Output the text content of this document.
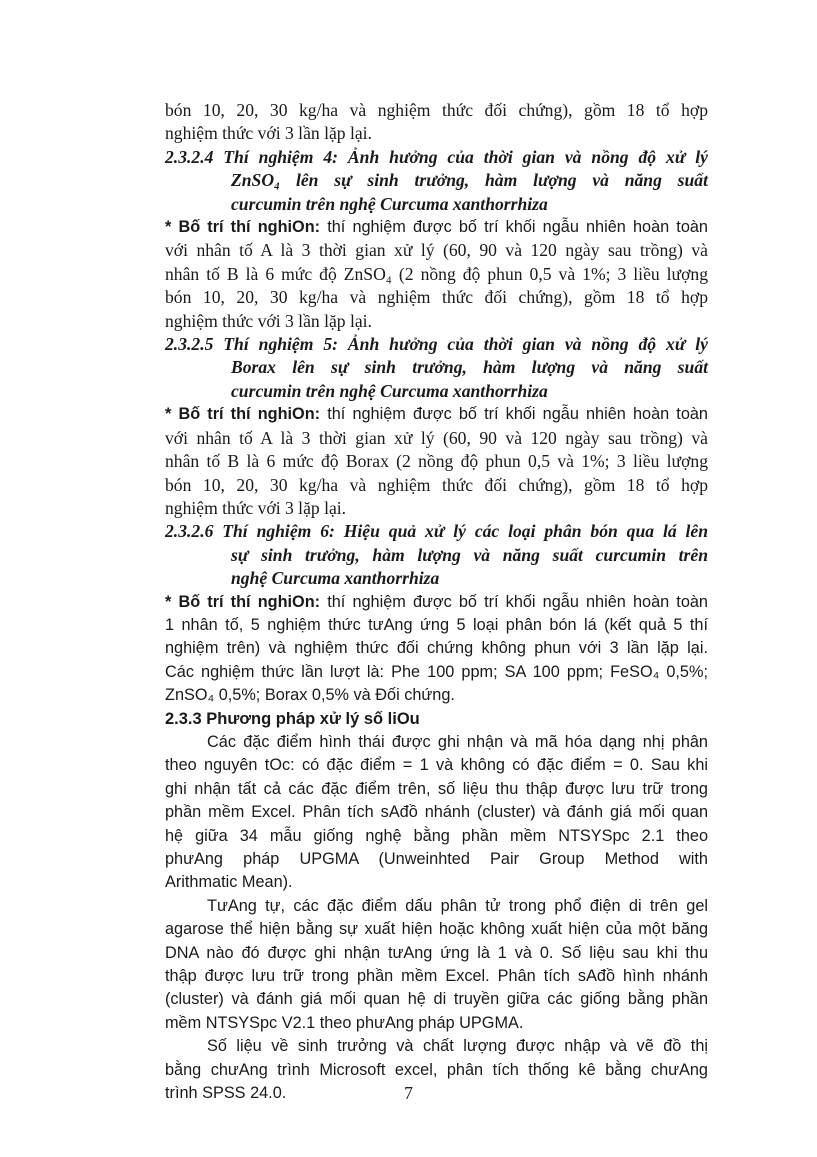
bón 10, 20, 30 kg/ha và nghiệm thức đối chứng), gồm 18 tổ hợp

nghiệm thức với 3 lần lặp lại.

2.3.2.4 Thí nghiệm 4: Ảnh hưởng của thời gian và nồng độ xử lý

ZnSO₄ lên sự sinh trưởng, hàm lượng và năng suất

curcumin trên nghệ Curcuma xanthorrhiza

* Bố trí thí nghiOn: thí nghiệm được bố trí khối ngẫu nhiên hoàn toàn

với nhân tố A là 3 thời gian xử lý (60, 90 và 120 ngày sau trồng) và

nhân tố B là 6 mức độ ZnSO₄ (2 nồng độ phun 0,5 và 1%; 3 liều lượng

bón 10, 20, 30 kg/ha và nghiệm thức đối chứng), gồm 18 tổ hợp

nghiệm thức với 3 lần lặp lại.

2.3.2.5 Thí nghiệm 5: Ảnh hưởng của thời gian và nồng độ xử lý

Borax lên sự sinh trưởng, hàm lượng và năng suất

curcumin trên nghệ Curcuma xanthorrhiza

* Bố trí thí nghiOn: thí nghiệm được bố trí khối ngẫu nhiên hoàn toàn

với nhân tố A là 3 thời gian xử lý (60, 90 và 120 ngày sau trồng) và

nhân tố B là 6 mức độ Borax (2 nồng độ phun 0,5 và 1%; 3 liều lượng

bón 10, 20, 30 kg/ha và nghiệm thức đối chứng), gồm 18 tổ hợp

nghiệm thức với 3 lặp lại.

2.3.2.6 Thí nghiệm 6: Hiệu quả xử lý các loại phân bón qua lá lên

sự sinh trưởng, hàm lượng và năng suất curcumin trên

nghệ Curcuma xanthorrhiza

* Bố trí thí nghiOn: thí nghiệm được bố trí khối ngẫu nhiên hoàn toàn

1 nhân tố, 5 nghiệm thức tưAng ứng 5 loại phân bón lá (kết quả 5 thí

nghiệm trên) và nghiệm thức đối chứng không phun với 3 lần lặp lại.

Các nghiệm thức lần lượt là: Phe 100 ppm; SA 100 ppm; FeSO₄ 0,5%;

ZnSO₄ 0,5%; Borax 0,5% và Đối chứng.

2.3.3 Phương pháp xử lý số liOu

Các đặc điểm hình thái được ghi nhận và mã hóa dạng nhị phân

theo nguyên tOc: có đặc điểm = 1 và không có đặc điểm = 0. Sau khi

ghi nhận tất cả các đặc điểm trên, số liệu thu thập được lưu trữ trong

phần mềm Excel. Phân tích sAđồ nhánh (cluster) và đánh giá mối quan

hệ giữa 34 mẫu giống nghệ bằng phần mềm NTSYSpc 2.1 theo

phưAng pháp UPGMA (Unweinhted Pair Group Method with

Arithmatic Mean).

TưAng tự, các đặc điểm dấu phân tử trong phổ điện di trên gel

agarose thể hiện bằng sự xuất hiện hoặc không xuất hiện của một băng

DNA nào đó được ghi nhận tưAng ứng là 1 và 0. Số liệu sau khi thu

thập được lưu trữ trong phần mềm Excel. Phân tích sAđồ hình nhánh

(cluster) và đánh giá mối quan hệ di truyền giữa các giống bằng phần

mềm NTSYSpc V2.1 theo phưAng pháp UPGMA.

Số liệu về sinh trưởng và chất lượng được nhập và vẽ đồ thị

bằng chưAng trình Microsoft excel, phân tích thống kê bằng chưAng

trình SPSS 24.0.	7
